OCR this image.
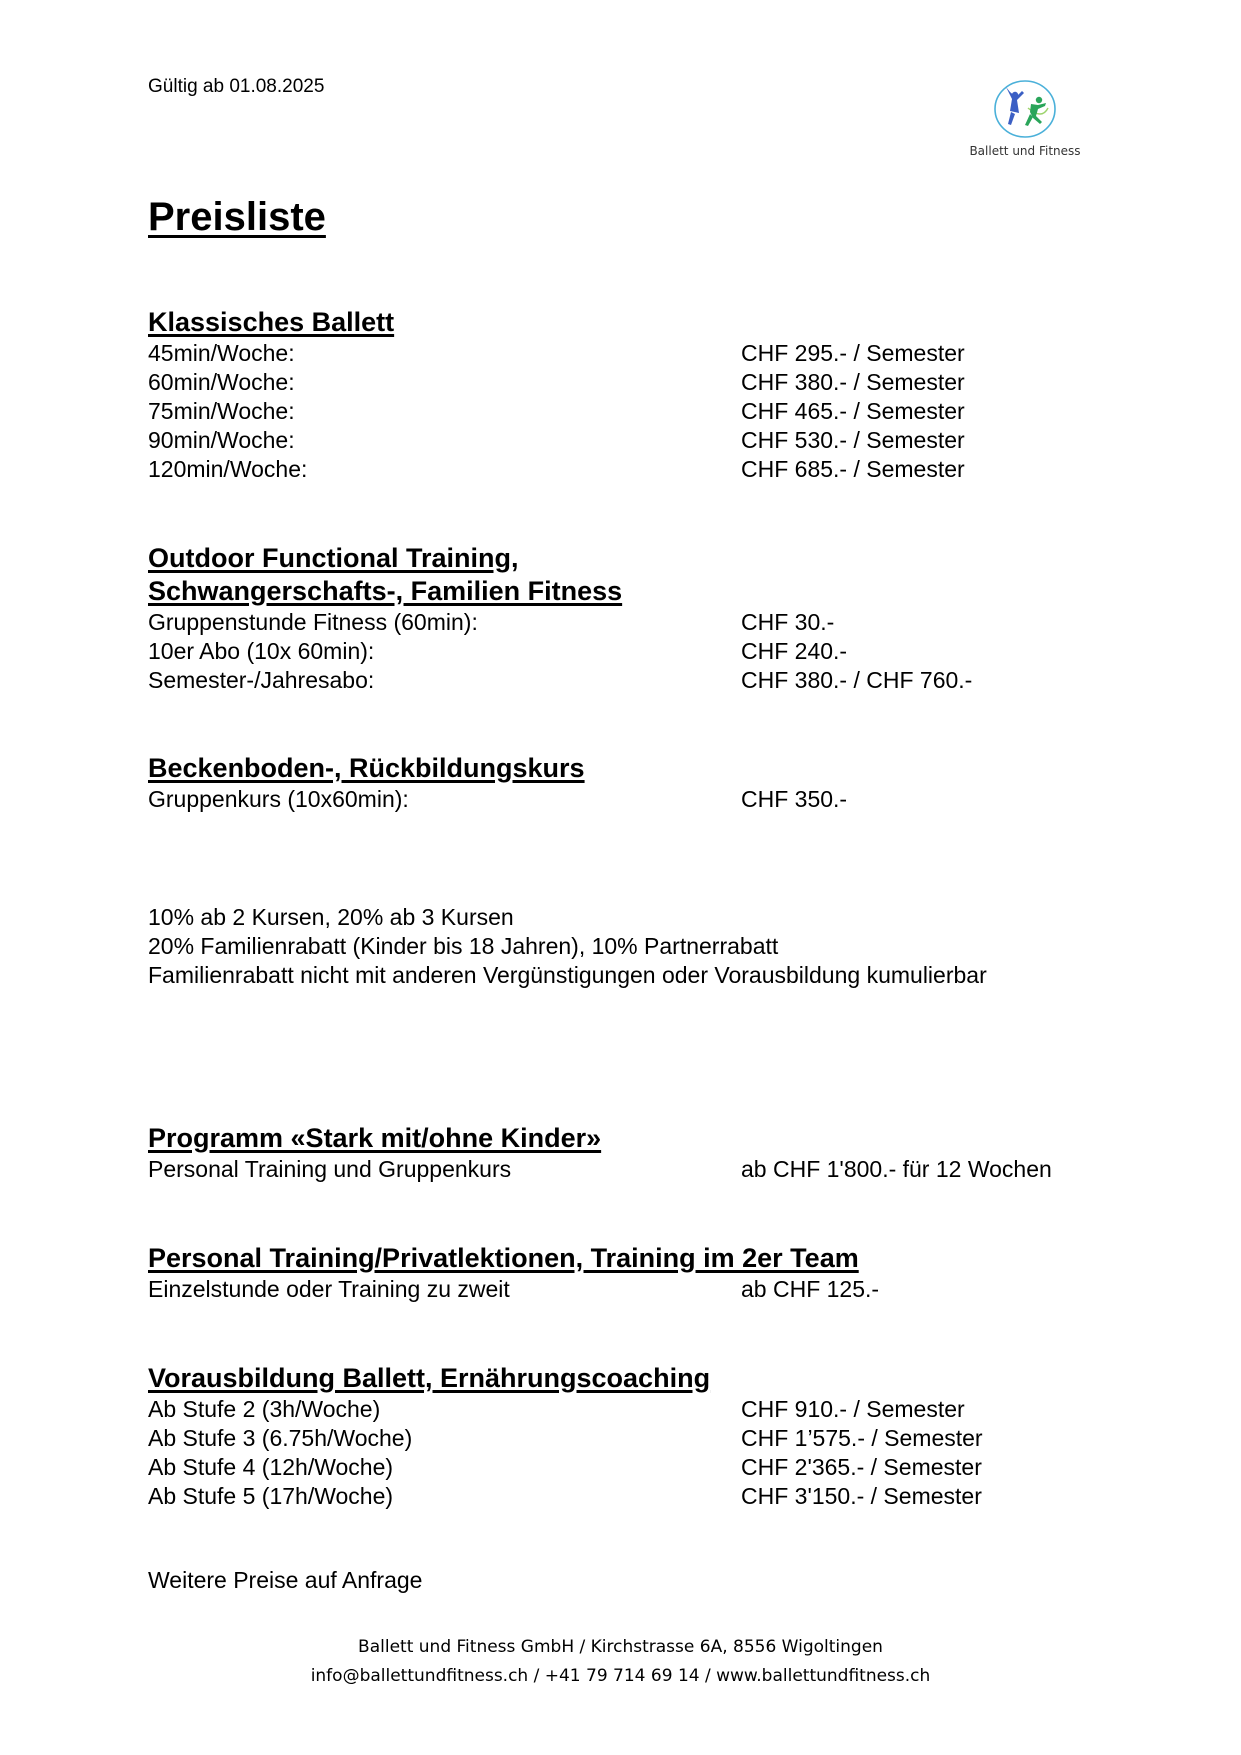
Gültig ab 01.08.2025
Ballett und Fitness
Preisliste
Klassisches Ballett
45min/Woche:	CHF 295.- / Semester
60min/Woche:	CHF 380.- / Semester
75min/Woche:	CHF 465.- / Semester
90min/Woche:	CHF 530.- / Semester
120min/Woche:	CHF 685.- / Semester
Outdoor Functional Training,
Schwangerschafts-, Familien Fitness
Gruppenstunde Fitness (60min):	CHF 30.-
10er Abo (10x 60min):	CHF 240.-
Semester-/Jahresabo:	CHF 380.- / CHF 760.-
Beckenboden-, Rückbildungskurs
Gruppenkurs (10x60min):	CHF 350.-
10% ab 2 Kursen, 20% ab 3 Kursen
20% Familienrabatt (Kinder bis 18 Jahren), 10% Partnerrabatt
Familienrabatt nicht mit anderen Vergünstigungen oder Vorausbildung kumulierbar
Programm «Stark mit/ohne Kinder»
Personal Training und Gruppenkurs	ab CHF 1'800.- für 12 Wochen
Personal Training/Privatlektionen, Training im 2er Team
Einzelstunde oder Training zu zweit	ab CHF 125.-
Vorausbildung Ballett, Ernährungscoaching
Ab Stufe 2 (3h/Woche)	CHF 910.- / Semester
Ab Stufe 3 (6.75h/Woche)	CHF 1’575.- / Semester
Ab Stufe 4 (12h/Woche)	CHF 2'365.- / Semester
Ab Stufe 5 (17h/Woche)	CHF 3'150.- / Semester
Weitere Preise auf Anfrage
Ballett und Fitness GmbH / Kirchstrasse 6A, 8556 Wigoltingen
info@ballettundfitness.ch / +41 79 714 69 14 / www.ballettundfitness.ch
